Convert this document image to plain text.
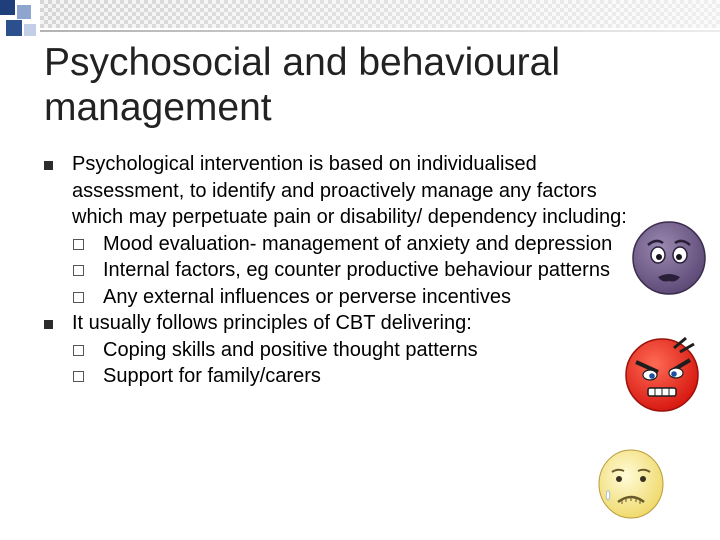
Psychosocial and behavioural management
Psychological intervention is based on individualised assessment, to identify and proactively manage any factors which may perpetuate pain or disability/ dependency including:
Mood evaluation- management of anxiety and depression
Internal factors, eg counter productive behaviour patterns
Any external influences or perverse incentives
It usually follows principles of CBT delivering:
Coping skills and positive thought patterns
Support for family/carers
